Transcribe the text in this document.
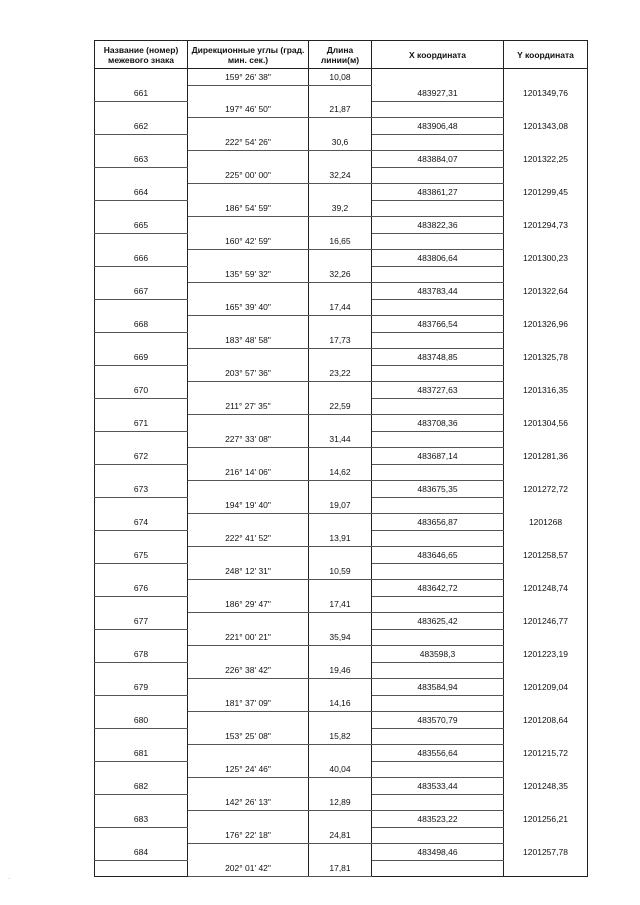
Название (номер) межевого знака	Дирекционные углы (град. мин. сек.)	Длина линии(м)	X координата	Y координата
	159° 26' 38"	10,08		
661			483927,31	1201349,76
	197° 46' 50"	21,87		
662			483906,48	1201343,08
	222° 54' 26"	30,6		
663			483884,07	1201322,25
	225° 00' 00"	32,24		
664			483861,27	1201299,45
	186° 54' 59"	39,2		
665			483822,36	1201294,73
	160° 42' 59"	16,65		
666			483806,64	1201300,23
	135° 59' 32"	32,26		
667			483783,44	1201322,64
	165° 39' 40"	17,44		
668			483766,54	1201326,96
	183° 48' 58"	17,73		
669			483748,85	1201325,78
	203° 57' 36"	23,22		
670			483727,63	1201316,35
	211° 27' 35"	22,59		
671			483708,36	1201304,56
	227° 33' 08"	31,44		
672			483687,14	1201281,36
	216° 14' 06"	14,62		
673			483675,35	1201272,72
	194° 19' 40"	19,07		
674			483656,87	1201268
	222° 41' 52"	13,91		
675			483646,65	1201258,57
	248° 12' 31"	10,59		
676			483642,72	1201248,74
	186° 29' 47"	17,41		
677			483625,42	1201246,77
	221° 00' 21"	35,94		
678			483598,3	1201223,19
	226° 38' 42"	19,46		
679			483584,94	1201209,04
	181° 37' 09"	14,16		
680			483570,79	1201208,64
	153° 25' 08"	15,82		
681			483556,64	1201215,72
	125° 24' 46"	40,04		
682			483533,44	1201248,35
	142° 26' 13"	12,89		
683			483523,22	1201256,21
	176° 22' 18"	24,81		
684			483498,46	1201257,78
	202° 01' 42"	17,81		
·
